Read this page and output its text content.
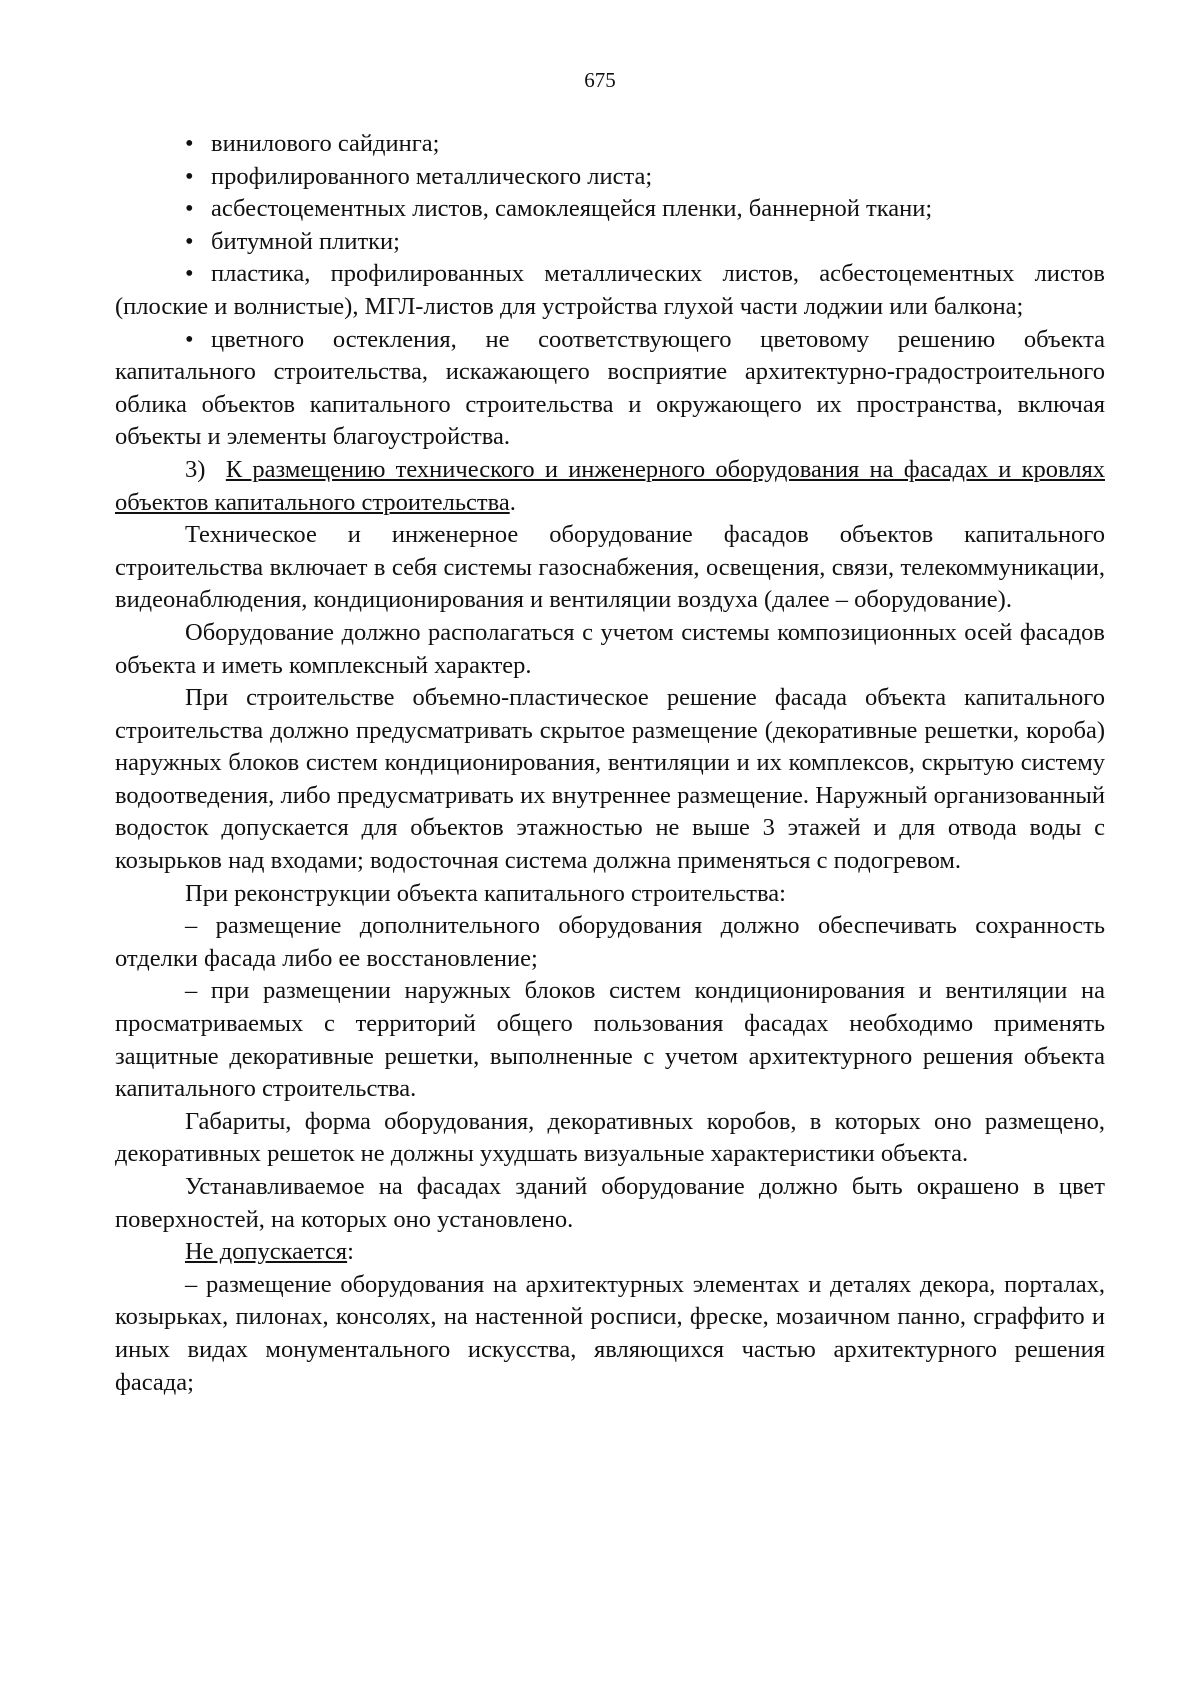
675

• винилового сайдинга;

• профилированного металлического листа;

• асбестоцементных листов, самоклеящейся пленки, баннерной ткани;

• битумной плитки;

• пластика, профилированных металлических листов, асбестоцементных листов (плоские и волнистые), МГЛ-листов для устройства глухой части лоджии или балкона;

• цветного остекления, не соответствующего цветовому решению объекта капитального строительства, искажающего восприятие архитектурно-градостроительного облика объектов капитального строительства и окружающего их пространства, включая объекты и элементы благоустройства.

3) К размещению технического и инженерного оборудования на фасадах и кровлях объектов капитального строительства.

Техническое и инженерное оборудование фасадов объектов капитального строительства включает в себя системы газоснабжения, освещения, связи, телекоммуникации, видеонаблюдения, кондиционирования и вентиляции воздуха (далее – оборудование).

Оборудование должно располагаться с учетом системы композиционных осей фасадов объекта и иметь комплексный характер.

При строительстве объемно-пластическое решение фасада объекта капитального строительства должно предусматривать скрытое размещение (декоративные решетки, короба) наружных блоков систем кондиционирования, вентиляции и их комплексов, скрытую систему водоотведения, либо предусматривать их внутреннее размещение. Наружный организованный водосток допускается для объектов этажностью не выше 3 этажей и для отвода воды с козырьков над входами; водосточная система должна применяться с подогревом.

При реконструкции объекта капитального строительства:

– размещение дополнительного оборудования должно обеспечивать сохранность отделки фасада либо ее восстановление;

– при размещении наружных блоков систем кондиционирования и вентиляции на просматриваемых с территорий общего пользования фасадах необходимо применять защитные декоративные решетки, выполненные с учетом архитектурного решения объекта капитального строительства.

Габариты, форма оборудования, декоративных коробов, в которых оно размещено, декоративных решеток не должны ухудшать визуальные характеристики объекта.

Устанавливаемое на фасадах зданий оборудование должно быть окрашено в цвет поверхностей, на которых оно установлено.

Не допускается:

– размещение оборудования на архитектурных элементах и деталях декора, порталах, козырьках, пилонах, консолях, на настенной росписи, фреске, мозаичном панно, сграффито и иных видах монументального искусства, являющихся частью архитектурного решения фасада;
